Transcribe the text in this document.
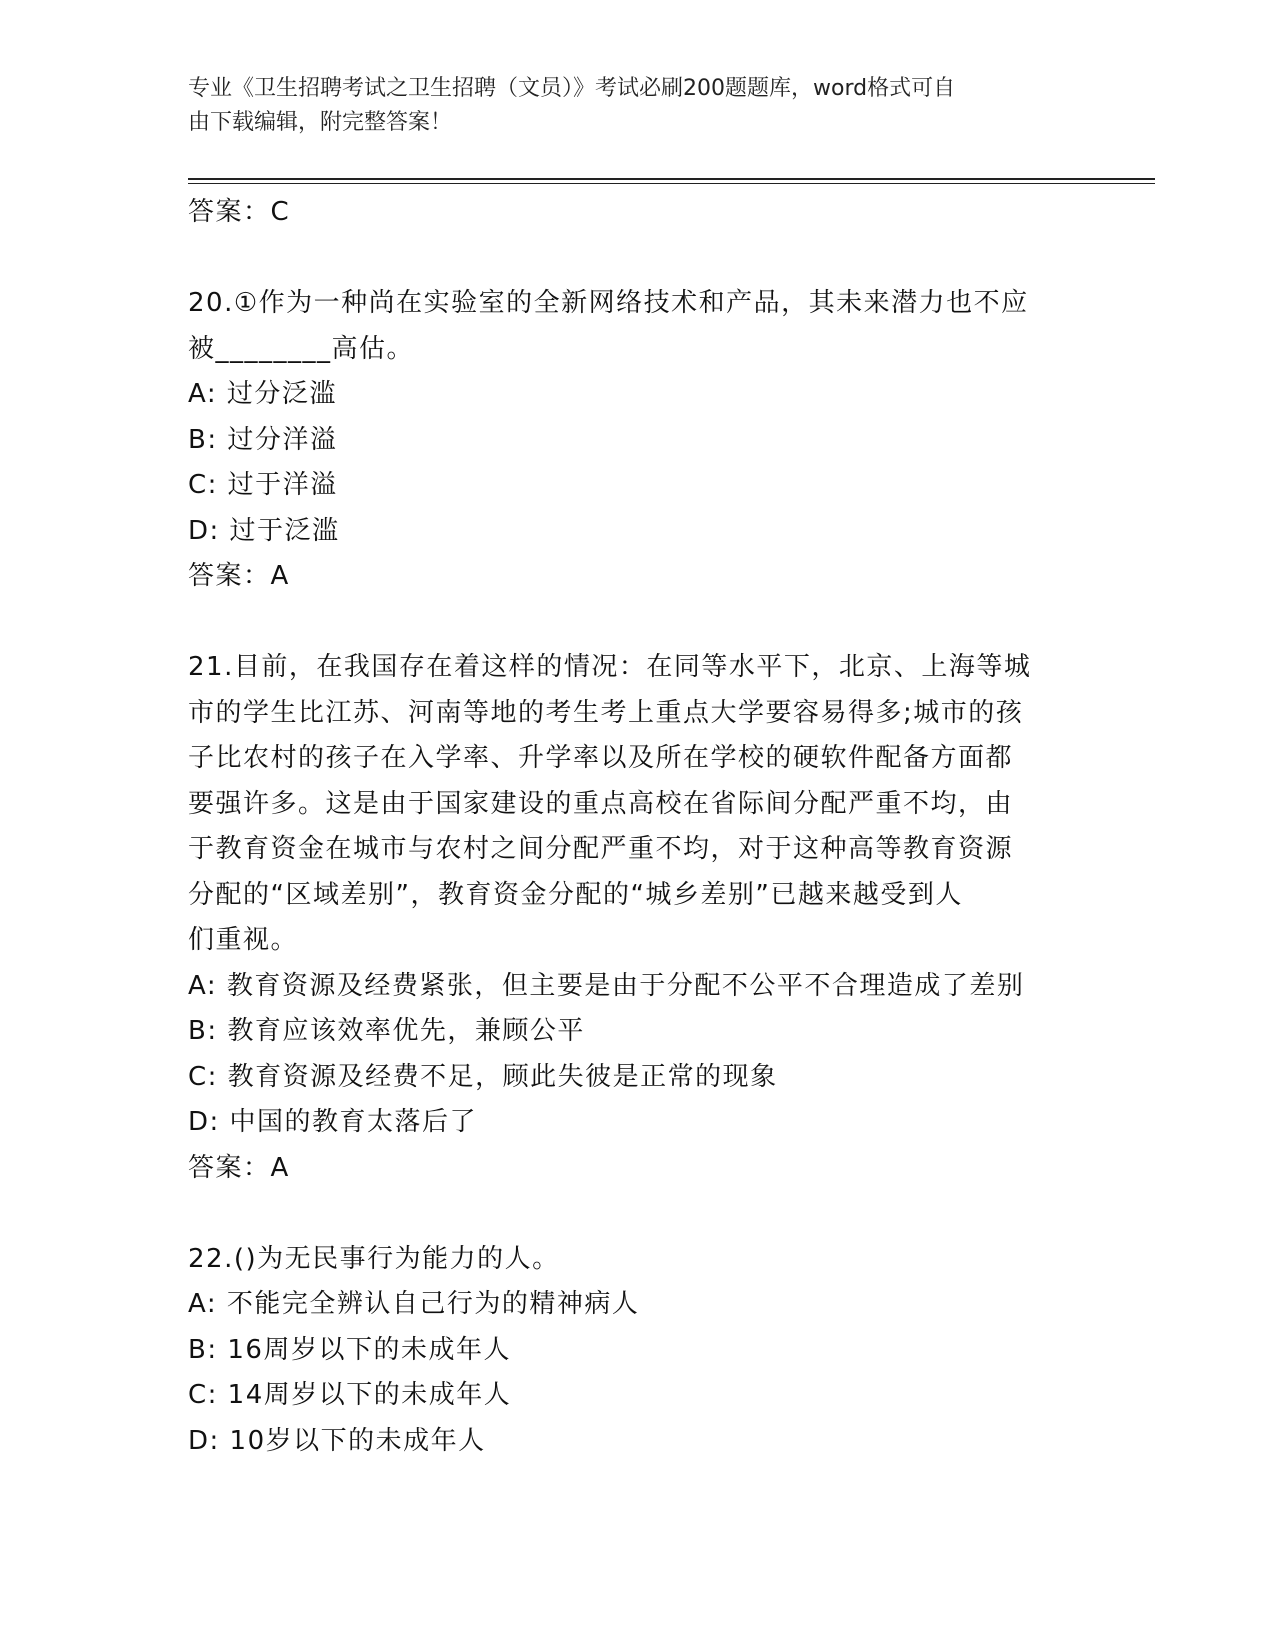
专业《卫生招聘考试之卫生招聘（文员）》考试必刷200题题库，word格式可自
由下载编辑，附完整答案！
答案：C
20.①作为一种尚在实验室的全新网络技术和产品，其未来潜力也不应
被________高估。
A: 过分泛滥
B: 过分洋溢
C: 过于洋溢
D: 过于泛滥
答案：A
21.目前，在我国存在着这样的情况：在同等水平下，北京、上海等城
市的学生比江苏、河南等地的考生考上重点大学要容易得多;城市的孩
子比农村的孩子在入学率、升学率以及所在学校的硬软件配备方面都
要强许多。这是由于国家建设的重点高校在省际间分配严重不均，由
于教育资金在城市与农村之间分配严重不均，对于这种高等教育资源
分配的“区域差别”，教育资金分配的“城乡差别”已越来越受到人
们重视。
A: 教育资源及经费紧张，但主要是由于分配不公平不合理造成了差别
B: 教育应该效率优先，兼顾公平
C: 教育资源及经费不足，顾此失彼是正常的现象
D: 中国的教育太落后了
答案：A
22.()为无民事行为能力的人。
A: 不能完全辨认自己行为的精神病人
B: 16周岁以下的未成年人
C: 14周岁以下的未成年人
D: 10岁以下的未成年人
